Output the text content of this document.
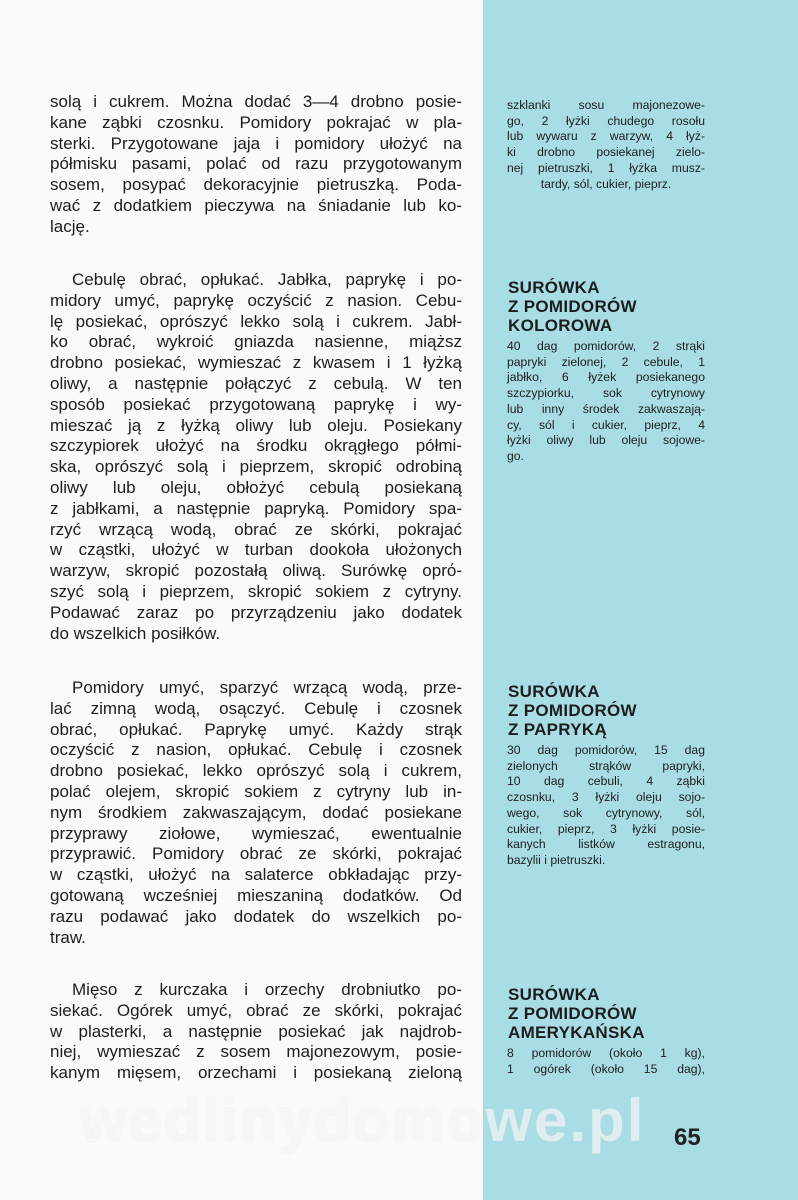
solą i cukrem. Można dodać 3—4 drobno posie-
kane ząbki czosnku. Pomidory pokrajać w pla-
sterki. Przygotowane jaja i pomidory ułożyć na
półmisku pasami, polać od razu przygotowanym
sosem, posypać dekoracyjnie pietruszką. Poda-
wać z dodatkiem pieczywa na śniadanie lub ko-
lację.

Cebulę obrać, opłukać. Jabłka, paprykę i po-
midory umyć, paprykę oczyścić z nasion. Cebu-
lę posiekać, oprószyć lekko solą i cukrem. Jabł-
ko obrać, wykroić gniazda nasienne, miąższ
drobno posiekać, wymieszać z kwasem i 1 łyżką
oliwy, a następnie połączyć z cebulą. W ten
sposób posiekać przygotowaną paprykę i wy-
mieszać ją z łyżką oliwy lub oleju. Posiekany
szczypiorek ułożyć na środku okrągłego półmi-
ska, oprószyć solą i pieprzem, skropić odrobiną
oliwy lub oleju, obłożyć cebulą posiekaną
z jabłkami, a następnie papryką. Pomidory spa-
rzyć wrzącą wodą, obrać ze skórki, pokrajać
w cząstki, ułożyć w turban dookoła ułożonych
warzyw, skropić pozostałą oliwą. Surówkę oprό-
szyć solą i pieprzem, skropić sokiem z cytryny.
Podawać zaraz po przyrządzeniu jako dodatek
do wszelkich posiłków.

Pomidory umyć, sparzyć wrzącą wodą, prze-
lać zimną wodą, osączyć. Cebulę i czosnek
obrać, opłukać. Paprykę umyć. Każdy strąk
oczyścić z nasion, opłukać. Cebulę i czosnek
drobno posiekać, lekko oprószyć solą i cukrem,
polać olejem, skropić sokiem z cytryny lub in-
nym środkiem zakwaszającym, dodać posiekane
przyprawy ziołowe, wymieszać, ewentualnie
przyprawić. Pomidory obrać ze skórki, pokrajać
w cząstki, ułożyć na salaterce obkładając przy-
gotowaną wcześniej mieszaniną dodatków. Od
razu podawać jako dodatek do wszelkich po-
traw.

Mięso z kurczaka i orzechy drobniutko po-
siekać. Ogórek umyć, obrać ze skórki, pokrajać
w plasterki, a następnie posiekać jak najdrob-
niej, wymieszać z sosem majonezowym, posie-
kanym mięsem, orzechami i posiekaną zieloną

szklanki sosu majonezowe-
go, 2 łyżki chudego rosołu
lub wywaru z warzyw, 4 łyż-
ki drobno posiekanej zielo-
nej pietruszki, 1 łyżka musz-
tardy, sól, cukier, pieprz.

SURÓWKA
Z POMIDORÓW
KOLOROWA

40 dag pomidorów, 2 strąki
papryki zielonej, 2 cebule, 1
jabłko, 6 łyżek posiekanego
szczypiorku, sok cytrynowy
lub inny środek zakwaszają-
cy, sól i cukier, pieprz, 4
łyżki oliwy lub oleju sojowe-
go.

SURÓWKA
Z POMIDORÓW
Z PAPRYKĄ

30 dag pomidorów, 15 dag
zielonych strąków papryki,
10 dag cebuli, 4 ząbki
czosnku, 3 łyżki oleju sojo-
wego, sok cytrynowy, sól,
cukier, pieprz, 3 łyżki posie-
kanych listków estragonu,
bazylii i pietruszki.

SURÓWKA
Z POMIDORÓW
AMERYKAŃSKA

8 pomidorów (około 1 kg),
1 ogórek (około 15 dag),

wedlinydomowe.pl	65
